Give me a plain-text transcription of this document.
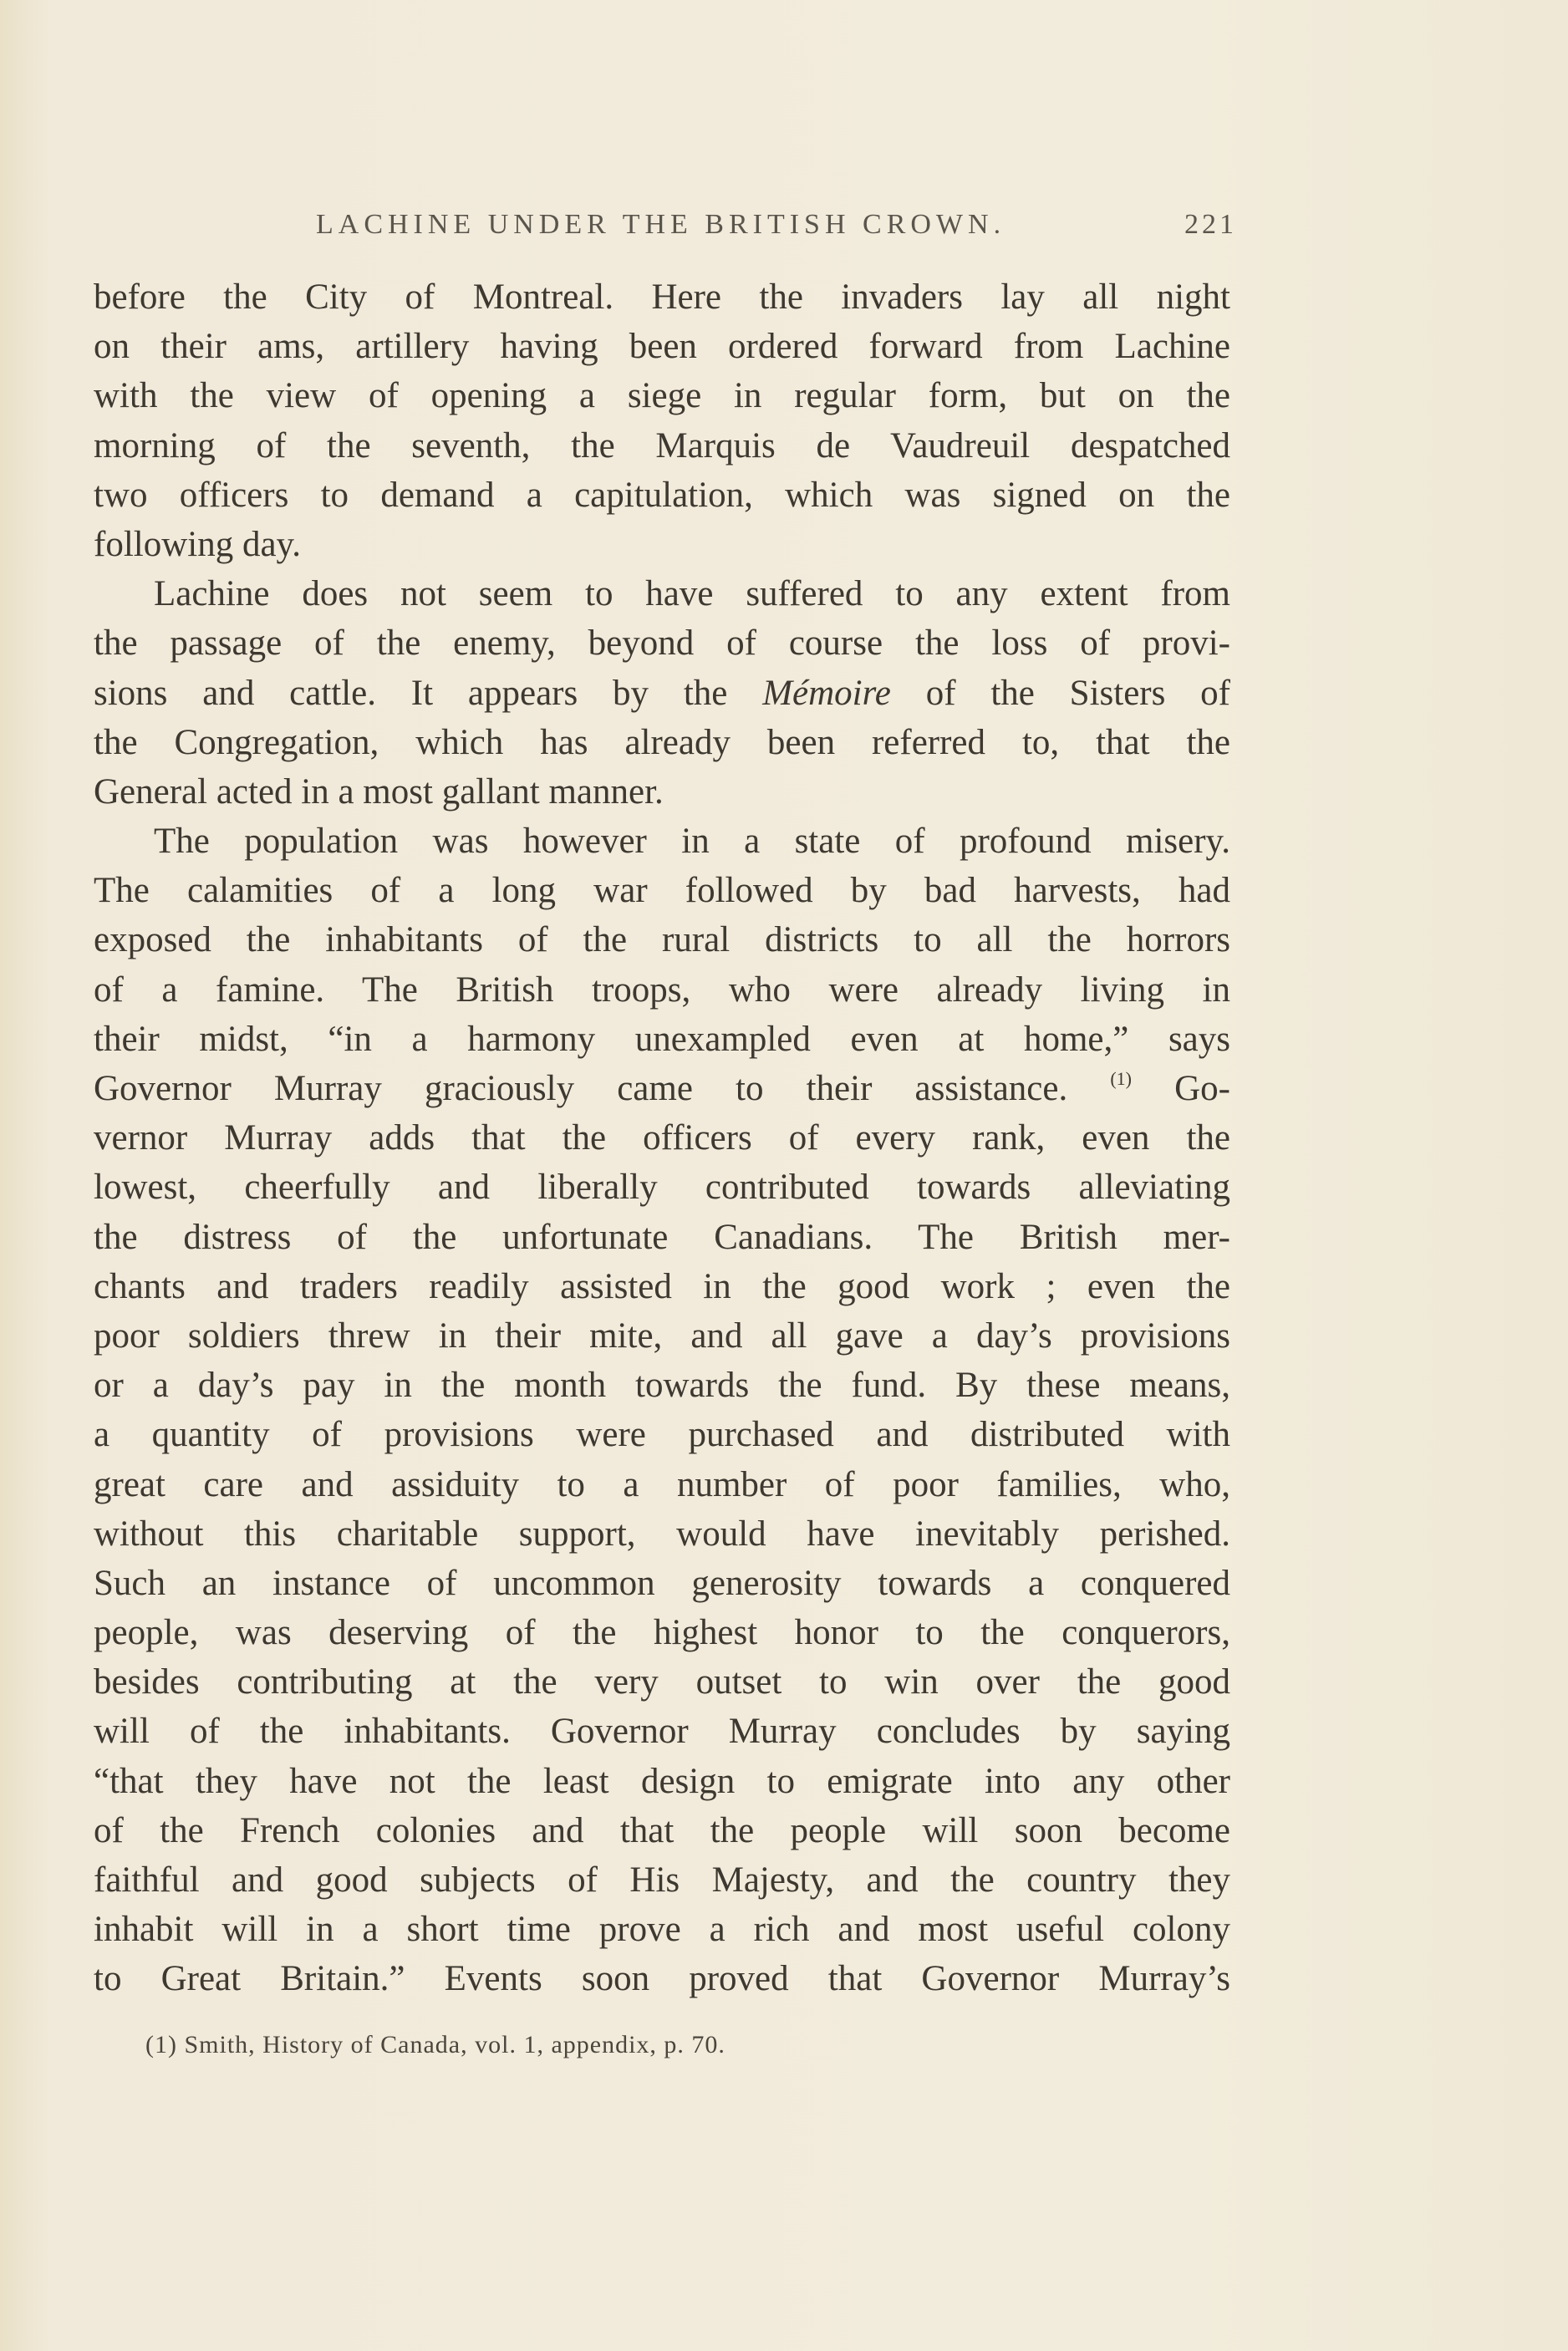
LACHINE UNDER THE BRITISH CROWN.	221
before the City of Montreal. Here the invaders lay all night
on their ams, artillery having been ordered forward from Lachine
with the view of opening a siege in regular form, but on the
morning of the seventh, the Marquis de Vaudreuil despatched
two officers to demand a capitulation, which was signed on the
following day.
Lachine does not seem to have suffered to any extent from
the passage of the enemy, beyond of course the loss of provi-
sions and cattle. It appears by the Mémoire of the Sisters of
the Congregation, which has already been referred to, that the
General acted in a most gallant manner.
The population was however in a state of profound misery.
The calamities of a long war followed by bad harvests, had
exposed the inhabitants of the rural districts to all the horrors
of a famine. The British troops, who were already living in
their midst, “in a harmony unexampled even at home,” says
Governor Murray graciously came to their assistance. $^{(1)}$ Go-
vernor Murray adds that the officers of every rank, even the
lowest, cheerfully and liberally contributed towards alleviating
the distress of the unfortunate Canadians. The British mer-
chants and traders readily assisted in the good work ; even the
poor soldiers threw in their mite, and all gave a day’s provisions
or a day’s pay in the month towards the fund. By these means,
a quantity of provisions were purchased and distributed with
great care and assiduity to a number of poor families, who,
without this charitable support, would have inevitably perished.
Such an instance of uncommon generosity towards a conquered
people, was deserving of the highest honor to the conquerors,
besides contributing at the very outset to win over the good
will of the inhabitants. Governor Murray concludes by saying
“that they have not the least design to emigrate into any other
of the French colonies and that the people will soon become
faithful and good subjects of His Majesty, and the country they
inhabit will in a short time prove a rich and most useful colony
to Great Britain.” Events soon proved that Governor Murray’s
(1) Smith, History of Canada, vol. 1, appendix, p. 70.
